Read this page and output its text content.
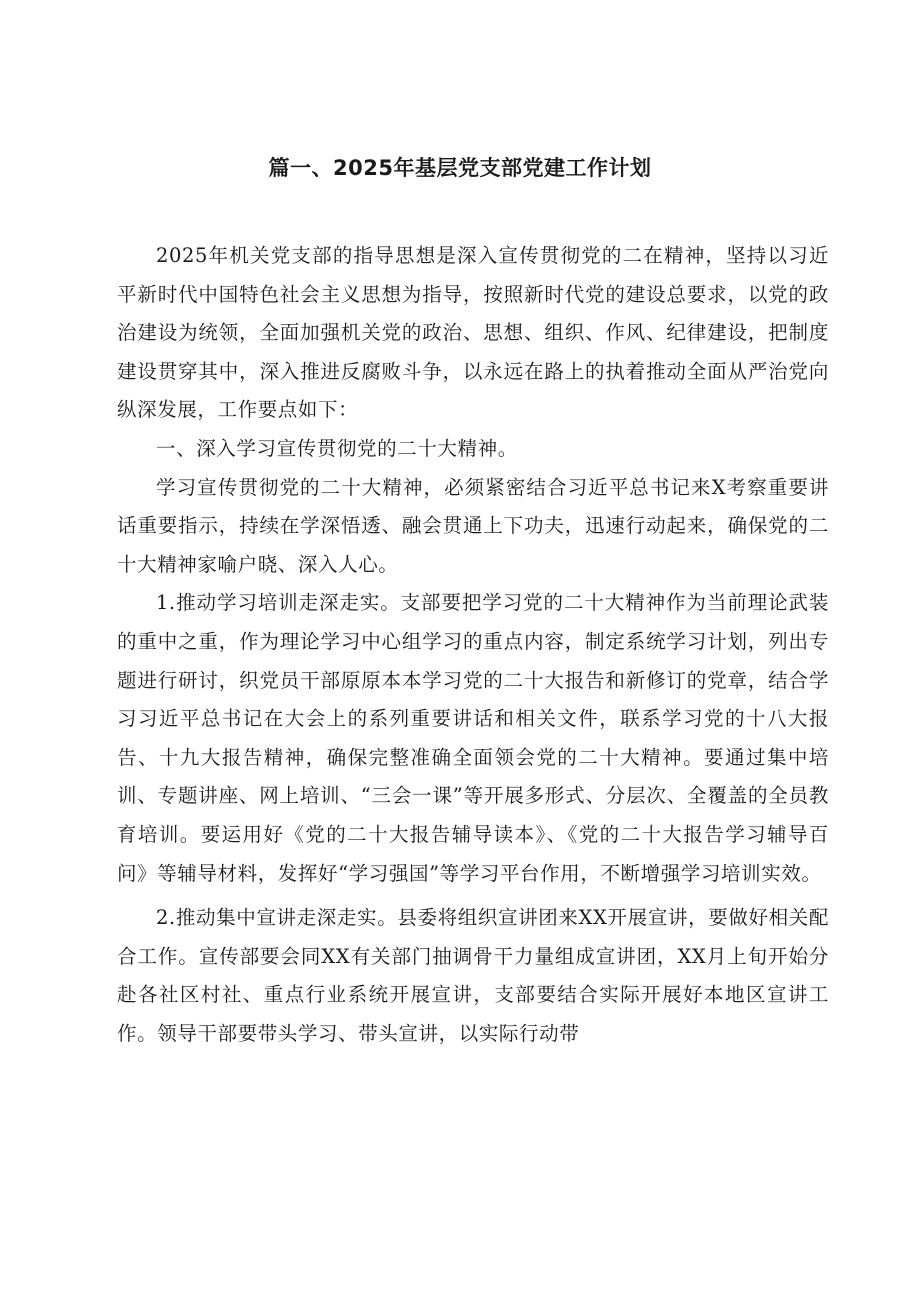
篇一、2025年基层党支部党建工作计划

2025年机关党支部的指导思想是深入宣传贯彻党的二在精神，坚持以习近平新时代中国特色社会主义思想为指导，按照新时代党的建设总要求，以党的政治建设为统领，全面加强机关党的政治、思想、组织、作风、纪律建设，把制度建设贯穿其中，深入推进反腐败斗争，以永远在路上的执着推动全面从严治党向纵深发展，工作要点如下：

一、深入学习宣传贯彻党的二十大精神。

学习宣传贯彻党的二十大精神，必须紧密结合习近平总书记来X考察重要讲话重要指示，持续在学深悟透、融会贯通上下功夫，迅速行动起来，确保党的二十大精神家喻户晓、深入人心。

1.推动学习培训走深走实。支部要把学习党的二十大精神作为当前理论武装的重中之重，作为理论学习中心组学习的重点内容，制定系统学习计划，列出专题进行研讨，织党员干部原原本本学习党的二十大报告和新修订的党章，结合学习习近平总书记在大会上的系列重要讲话和相关文件，联系学习党的十八大报告、十九大报告精神，确保完整准确全面领会党的二十大精神。要通过集中培训、专题讲座、网上培训、“三会一课”等开展多形式、分层次、全覆盖的全员教育培训。要运用好《党的二十大报告辅导读本》、《党的二十大报告学习辅导百问》等辅导材料，发挥好“学习强国”等学习平台作用，不断增强学习培训实效。

2.推动集中宣讲走深走实。县委将组织宣讲团来XX开展宣讲，要做好相关配合工作。宣传部要会同XX有关部门抽调骨干力量组成宣讲团，XX月上旬开始分赴各社区村社、重点行业系统开展宣讲，支部要结合实际开展好本地区宣讲工作。领导干部要带头学习、带头宣讲，以实际行动带
